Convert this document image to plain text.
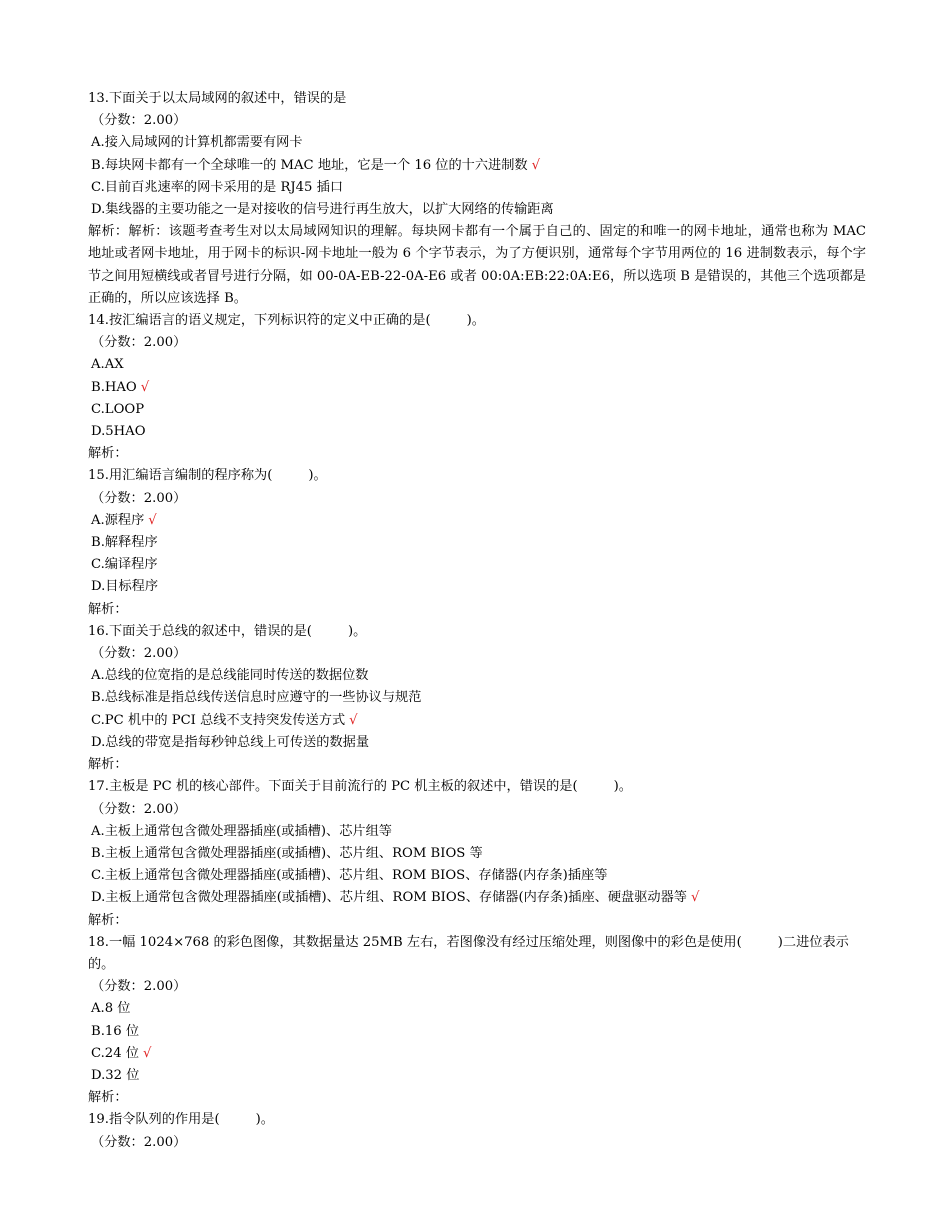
13.下面关于以太局域网的叙述中，错误的是
（分数：2.00）
A.接入局域网的计算机都需要有网卡
B.每块网卡都有一个全球唯一的 MAC 地址，它是一个 16 位的十六进制数 √
C.目前百兆速率的网卡采用的是 RJ45 插口
D.集线器的主要功能之一是对接收的信号进行再生放大，以扩大网络的传输距离
解析：解析：该题考查考生对以太局域网知识的理解。每块网卡都有一个属于自己的、固定的和唯一的网卡地址，通常也称为 MAC 地址或者网卡地址，用于网卡的标识-网卡地址一般为 6 个字节表示，为了方便识别，通常每个字节用两位的 16 进制数表示，每个字节之间用短横线或者冒号进行分隔，如 00-0A-EB-22-0A-E6 或者 00:0A:EB:22:0A:E6，所以选项 B 是错误的，其他三个选项都是正确的，所以应该选择 B。
14.按汇编语言的语义规定，下列标识符的定义中正确的是(	)。
（分数：2.00）
A.AX
B.HAO √
C.LOOP
D.5HAO
解析：
15.用汇编语言编制的程序称为(	)。
（分数：2.00）
A.源程序 √
B.解释程序
C.编译程序
D.目标程序
解析：
16.下面关于总线的叙述中，错误的是(	)。
（分数：2.00）
A.总线的位宽指的是总线能同时传送的数据位数
B.总线标准是指总线传送信息时应遵守的一些协议与规范
C.PC 机中的 PCI 总线不支持突发传送方式 √
D.总线的带宽是指每秒钟总线上可传送的数据量
解析：
17.主板是 PC 机的核心部件。下面关于目前流行的 PC 机主板的叙述中，错误的是(	)。
（分数：2.00）
A.主板上通常包含微处理器插座(或插槽)、芯片组等
B.主板上通常包含微处理器插座(或插槽)、芯片组、ROM BIOS 等
C.主板上通常包含微处理器插座(或插槽)、芯片组、ROM BIOS、存储器(内存条)插座等
D.主板上通常包含微处理器插座(或插槽)、芯片组、ROM BIOS、存储器(内存条)插座、硬盘驱动器等 √
解析：
18.一幅 1024×768 的彩色图像，其数据量达 25MB 左右，若图像没有经过压缩处理，则图像中的彩色是使用(	)二进位表示
的。
（分数：2.00）
A.8 位
B.16 位
C.24 位 √
D.32 位
解析：
19.指令队列的作用是(	)。
（分数：2.00）
